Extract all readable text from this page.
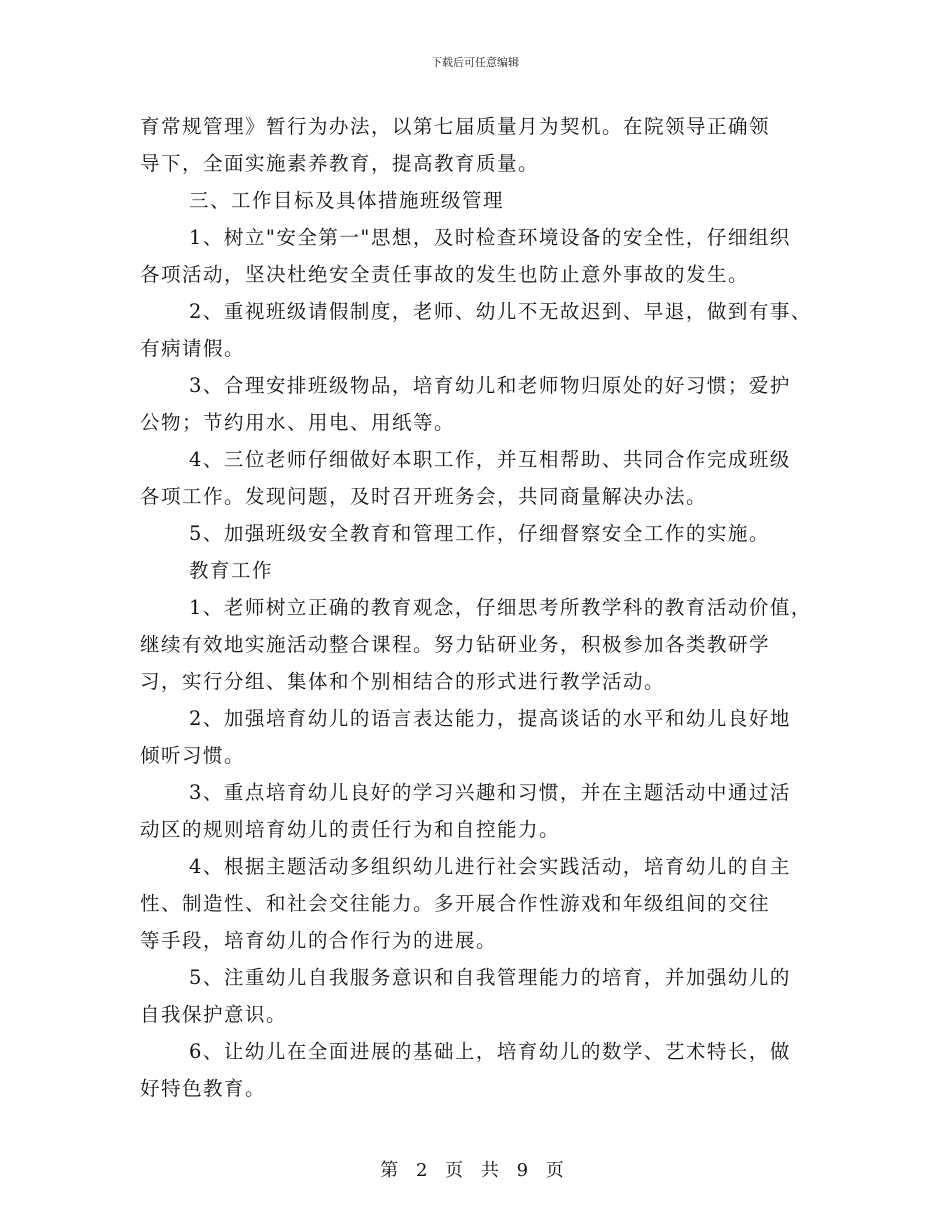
下载后可任意编辑
育常规管理》暂行为办法，以第七届质量月为契机。在院领导正确领
导下，全面实施素养教育，提高教育质量。
三、工作目标及具体措施班级管理
1、树立"安全第一"思想，及时检查环境设备的安全性，仔细组织
各项活动，坚决杜绝安全责任事故的发生也防止意外事故的发生。
2、重视班级请假制度，老师、幼儿不无故迟到、早退，做到有事、
有病请假。
3、合理安排班级物品，培育幼儿和老师物归原处的好习惯；爱护
公物；节约用水、用电、用纸等。
4、三位老师仔细做好本职工作，并互相帮助、共同合作完成班级
各项工作。发现问题，及时召开班务会，共同商量解决办法。
5、加强班级安全教育和管理工作，仔细督察安全工作的实施。
教育工作
1、老师树立正确的教育观念，仔细思考所教学科的教育活动价值，
继续有效地实施活动整合课程。努力钻研业务，积极参加各类教研学
习，实行分组、集体和个别相结合的形式进行教学活动。
2、加强培育幼儿的语言表达能力，提高谈话的水平和幼儿良好地
倾听习惯。
3、重点培育幼儿良好的学习兴趣和习惯，并在主题活动中通过活
动区的规则培育幼儿的责任行为和自控能力。
4、根据主题活动多组织幼儿进行社会实践活动，培育幼儿的自主
性、制造性、和社会交往能力。多开展合作性游戏和年级组间的交往
等手段，培育幼儿的合作行为的进展。
5、注重幼儿自我服务意识和自我管理能力的培育，并加强幼儿的
自我保护意识。
6、让幼儿在全面进展的基础上，培育幼儿的数学、艺术特长，做
好特色教育。
第 2 页 共 9 页
